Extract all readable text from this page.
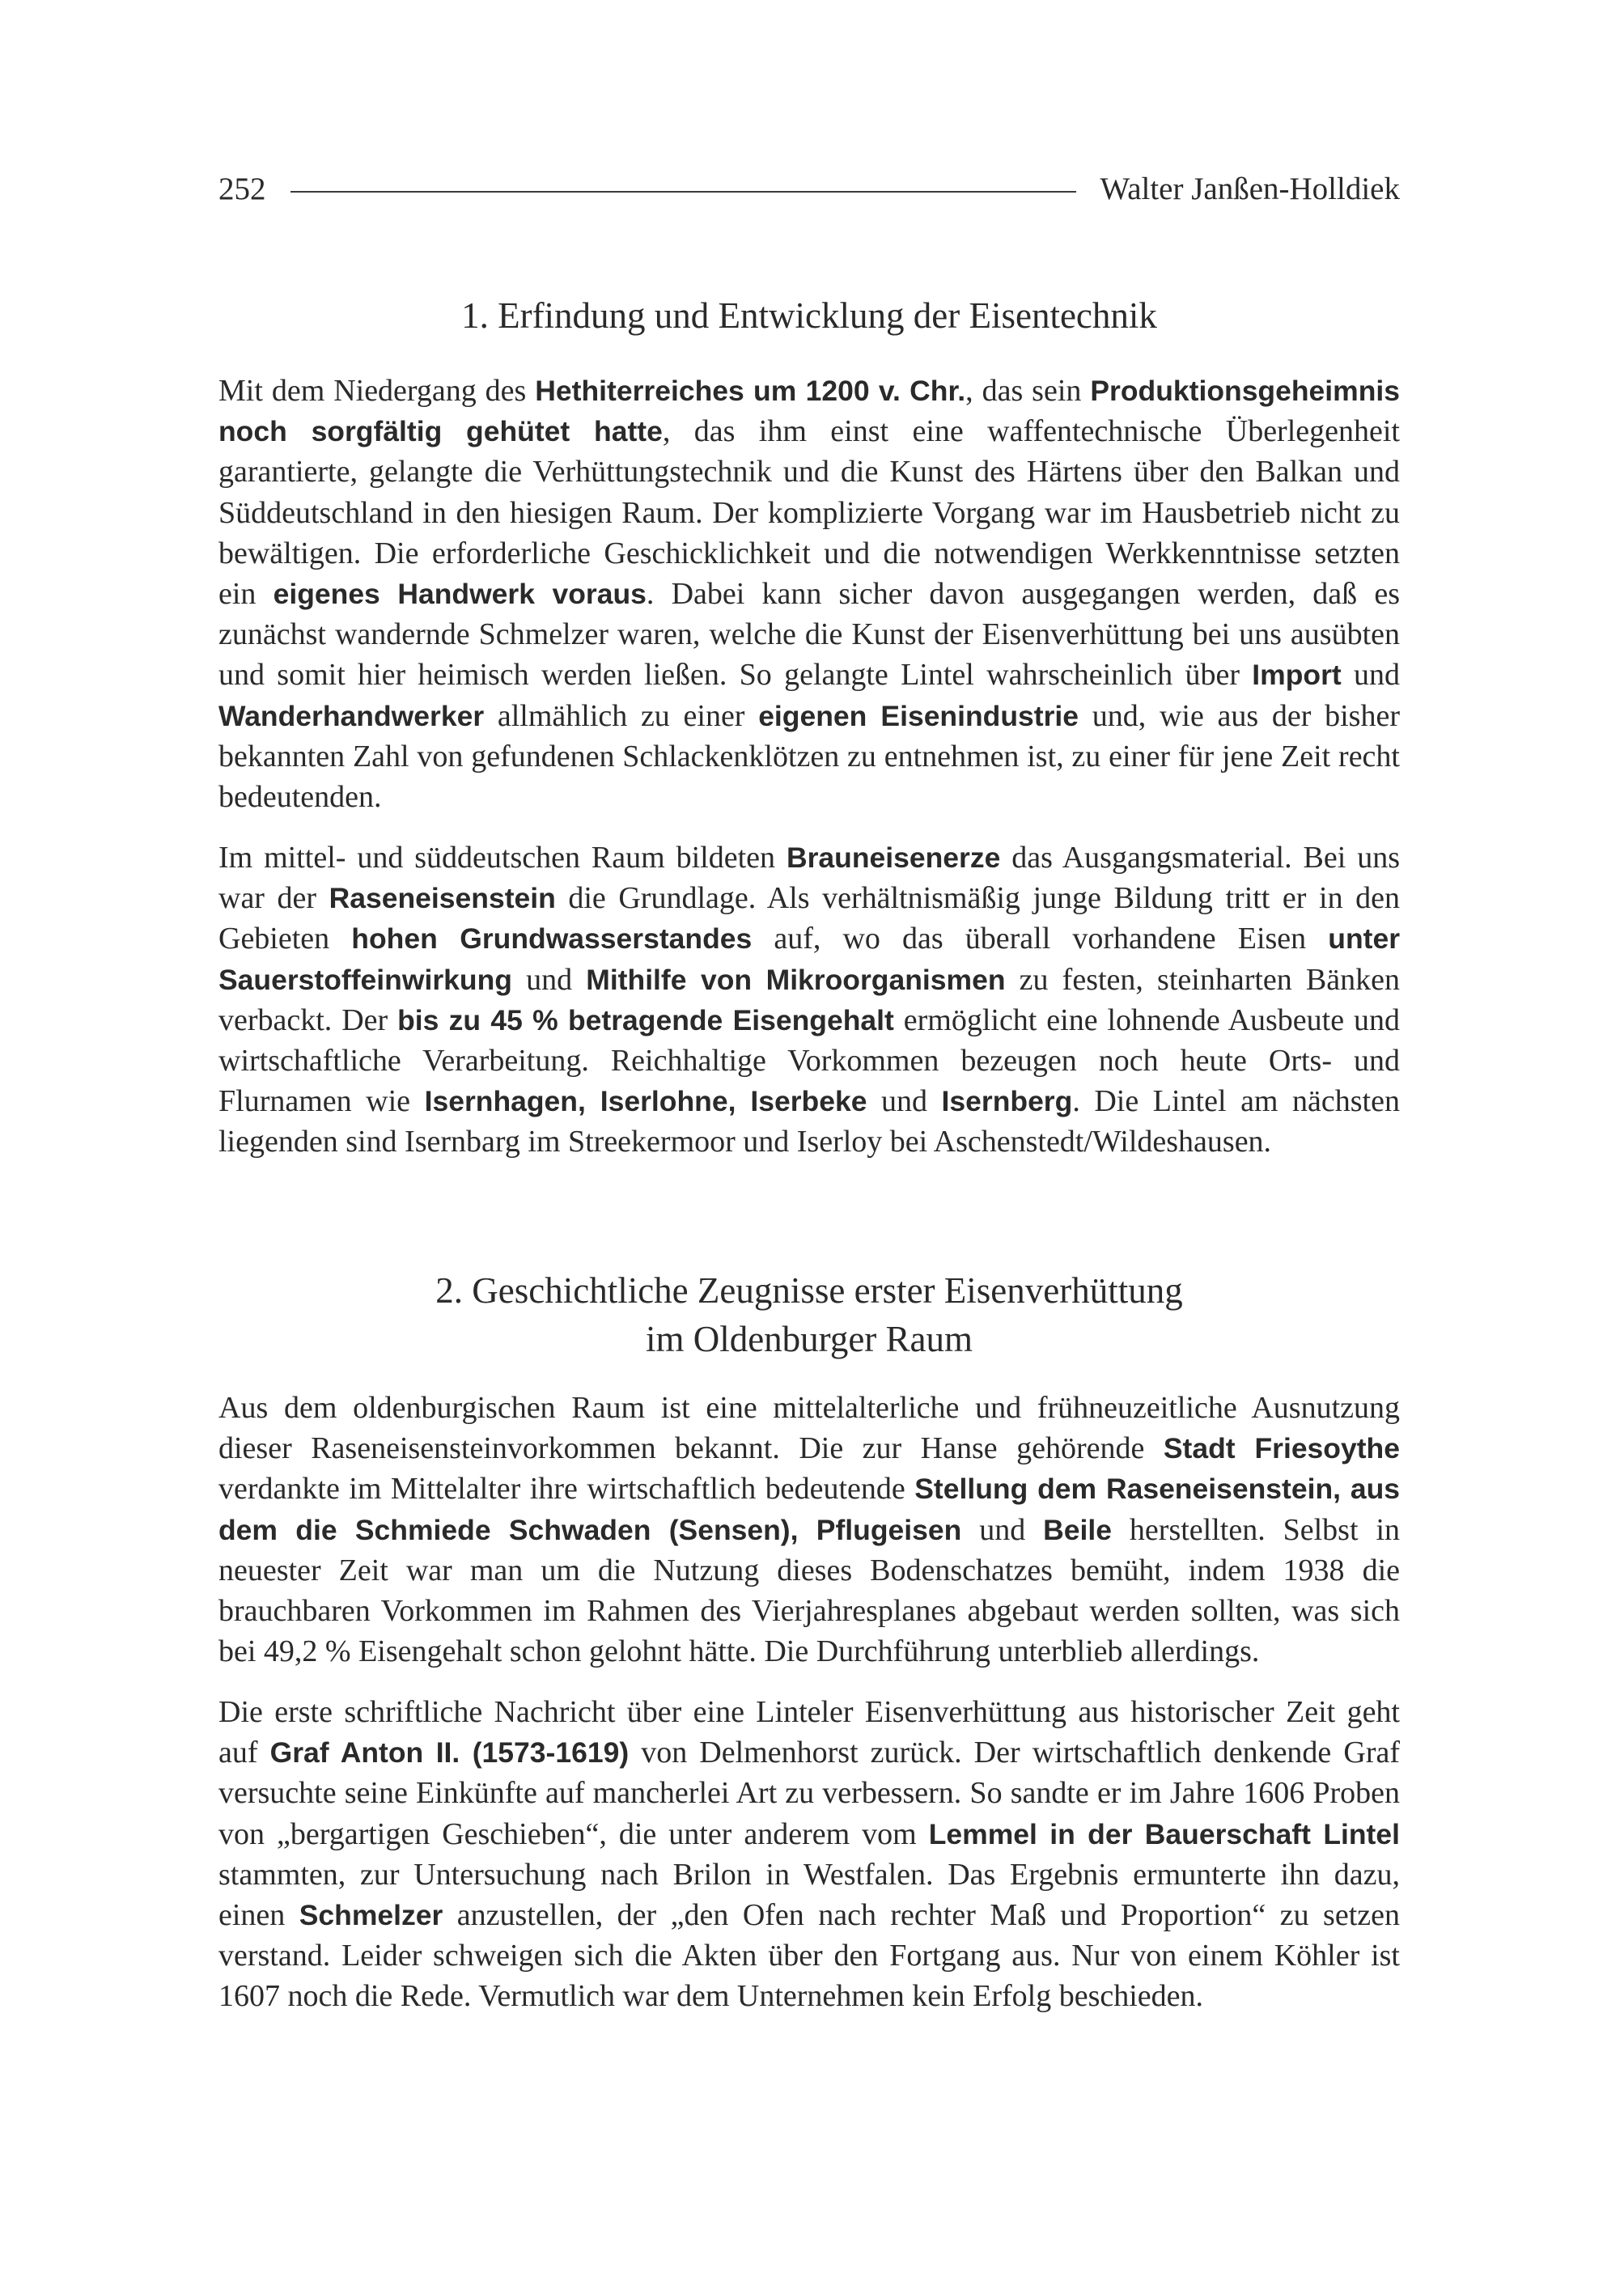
252	Walter Janßen-Holldiek
1. Erfindung und Entwicklung der Eisentechnik

Mit dem Niedergang des Hethiterreiches um 1200 v. Chr., das sein Produktionsgeheimnis noch sorgfältig gehütet hatte, das ihm einst eine waffentechnische Überlegenheit garantierte, gelangte die Verhüttungstechnik und die Kunst des Härtens über den Balkan und Süddeutschland in den hiesigen Raum. Der komplizierte Vorgang war im Hausbetrieb nicht zu bewältigen. Die erforderliche Geschicklichkeit und die notwendigen Werkkenntnisse setzten ein eigenes Handwerk voraus. Dabei kann sicher davon ausgegangen werden, daß es zunächst wandernde Schmelzer waren, welche die Kunst der Eisenverhüttung bei uns ausübten und somit hier heimisch werden ließen. So gelangte Lintel wahrscheinlich über Import und Wanderhandwerker allmählich zu einer eigenen Eisenindustrie und, wie aus der bisher bekannten Zahl von gefundenen Schlackenklötzen zu entnehmen ist, zu einer für jene Zeit recht bedeutenden.

Im mittel- und süddeutschen Raum bildeten Brauneisenerze das Ausgangsmaterial. Bei uns war der Raseneisenstein die Grundlage. Als verhältnismäßig junge Bildung tritt er in den Gebieten hohen Grundwasserstandes auf, wo das überall vorhandene Eisen unter Sauerstoffeinwirkung und Mithilfe von Mikroorganismen zu festen, steinharten Bänken verbackt. Der bis zu 45 % betragende Eisengehalt ermöglicht eine lohnende Ausbeute und wirtschaftliche Verarbeitung. Reichhaltige Vorkommen bezeugen noch heute Orts- und Flurnamen wie Isernhagen, Iserlohne, Iserbeke und Isernberg. Die Lintel am nächsten liegenden sind Isernbarg im Streekermoor und Iserloy bei Aschenstedt/Wildeshausen.

2. Geschichtliche Zeugnisse erster Eisenverhüttung
im Oldenburger Raum

Aus dem oldenburgischen Raum ist eine mittelalterliche und frühneuzeitliche Ausnutzung dieser Raseneisensteinvorkommen bekannt. Die zur Hanse gehörende Stadt Friesoythe verdankte im Mittelalter ihre wirtschaftlich bedeutende Stellung dem Raseneisenstein, aus dem die Schmiede Schwaden (Sensen), Pflugeisen und Beile herstellten. Selbst in neuester Zeit war man um die Nutzung dieses Bodenschatzes bemüht, indem 1938 die brauchbaren Vorkommen im Rahmen des Vierjahresplanes abgebaut werden sollten, was sich bei 49,2 % Eisengehalt schon gelohnt hätte. Die Durchführung unterblieb allerdings.

Die erste schriftliche Nachricht über eine Linteler Eisenverhüttung aus historischer Zeit geht auf Graf Anton II. (1573-1619) von Delmenhorst zurück. Der wirtschaftlich denkende Graf versuchte seine Einkünfte auf mancherlei Art zu verbessern. So sandte er im Jahre 1606 Proben von „bergartigen Geschieben“, die unter anderem vom Lemmel in der Bauerschaft Lintel stammten, zur Untersuchung nach Brilon in Westfalen. Das Ergebnis ermunterte ihn dazu, einen Schmelzer anzustellen, der „den Ofen nach rechter Maß und Proportion“ zu setzen verstand. Leider schweigen sich die Akten über den Fortgang aus. Nur von einem Köhler ist 1607 noch die Rede. Vermutlich war dem Unternehmen kein Erfolg beschieden.
